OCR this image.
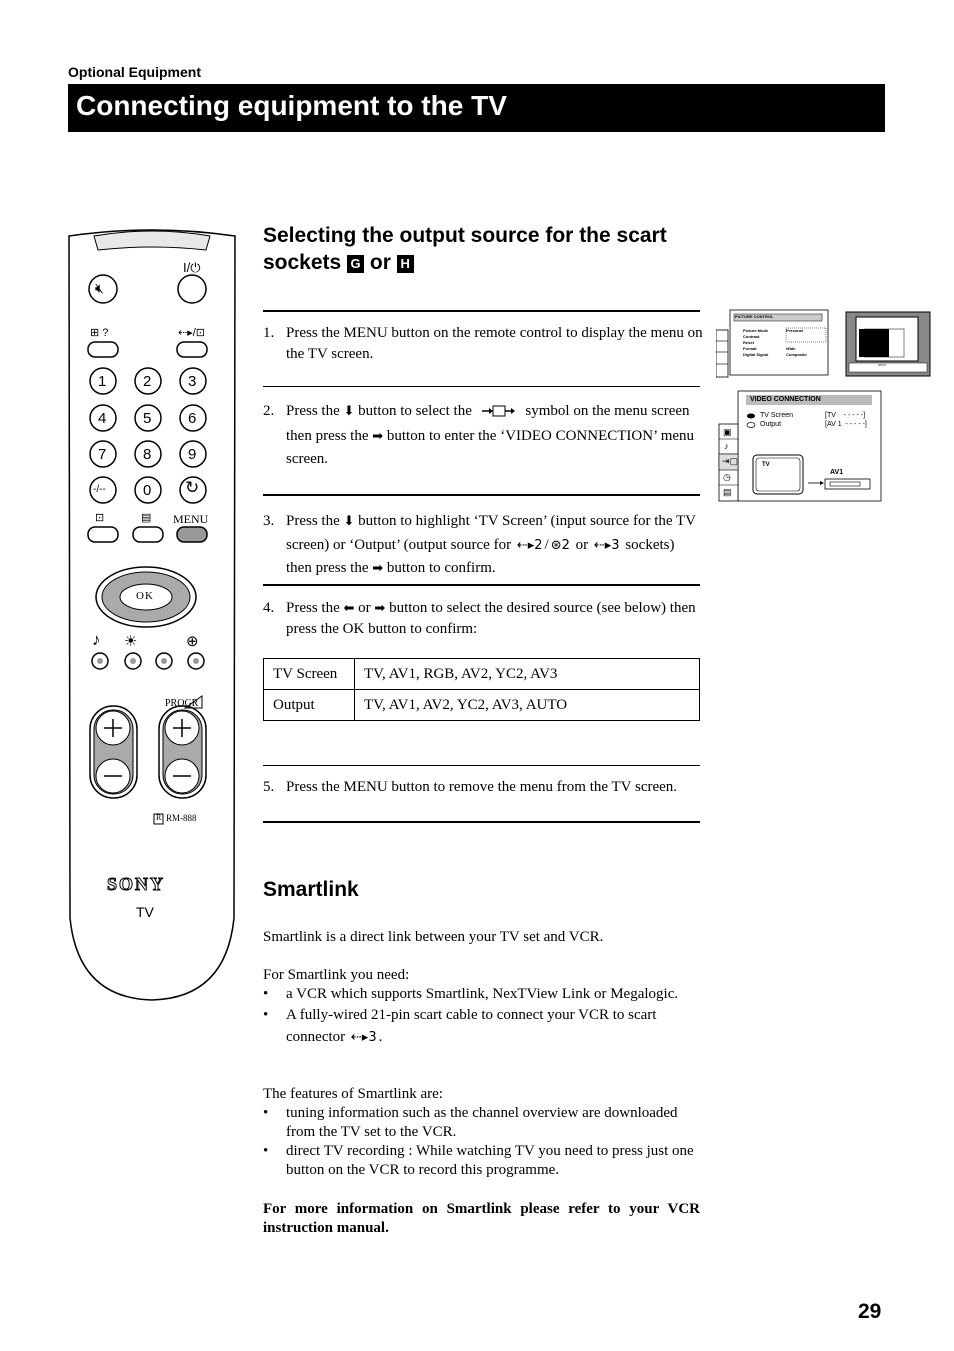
Optional Equipment
Connecting equipment to the TV
Selecting the output source for the scart sockets G or H
1. Press the MENU button on the remote control to display the menu on the TV screen.
2. Press the ⬇ button to select the	symbol on the menu screen then press the ➡ button to enter the ‘VIDEO CONNECTION’ menu screen.
3. Press the ⬇ button to highlight ‘TV Screen’ (input source for the TV screen) or ‘Output’ (output source for ⇠▸2 / ⊛2 or ⇠▸3 sockets) then press the ➡ button to confirm.
4. Press the ⬅ or ➡ button to select the desired source (see below) then press the OK button to confirm:
TV Screen	TV, AV1, RGB, AV2, YC2, AV3
Output	TV, AV1, AV2, YC2, AV3, AUTO
5. Press the MENU button to remove the menu from the TV screen.
Smartlink
Smartlink is a direct link between your TV set and VCR.
For Smartlink you need:
• a VCR which supports Smartlink, NexTView Link or Megalogic.
• A fully-wired 21-pin scart cable to connect your VCR to scart connector ⇠▸3 .
The features of Smartlink are:
• tuning information such as the channel overview are downloaded from the TV set to the VCR.
• direct TV recording : While watching TV you need to press just one button on the VCR to record this programme.
For more information on Smartlink please refer to your VCR instruction manual.
29
I/⏻
🔇︎
⊞ ?	⇠▸/⊡
1 2 3
4 5 6
7 8 9
-/-- 0 ↻
⊡	▤ MENU
OK
♪ ☀	⊕
PROGR
R RM-888
SONY
TV
PICTURE CONTROL
Picture Mode
Contrast
Reset
Format
Digital Signal
Personal
Wide
Composite
SONY
VIDEO CONNECTION
TV Screen
Output
[TV    - - - - -]
[AV 1  - - - - -]
TV
AV1
▣
♪
⇥▢
◷
▤
